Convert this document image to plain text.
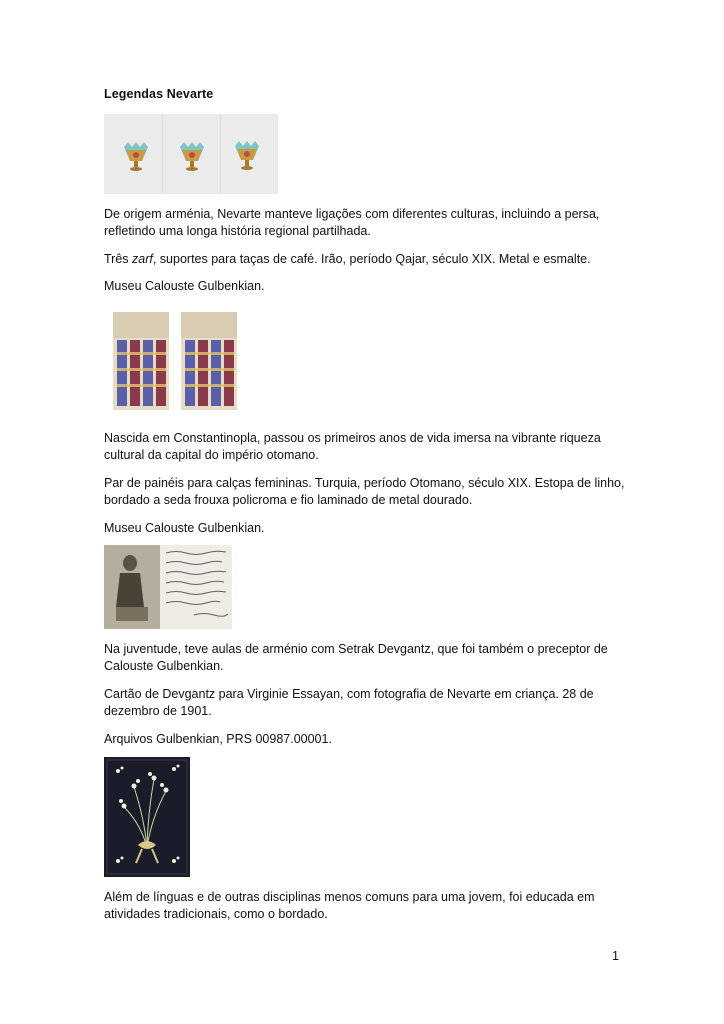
Legendas Nevarte

De origem arménia, Nevarte manteve ligações com diferentes culturas, incluindo a persa, refletindo uma longa história regional partilhada.

Três zarf, suportes para taças de café. Irão, período Qajar, século XIX. Metal e esmalte.

Museu Calouste Gulbenkian.

Nascida em Constantinopla, passou os primeiros anos de vida imersa na vibrante riqueza cultural da capital do império otomano.

Par de painéis para calças femininas. Turquia, período Otomano, século XIX. Estopa de linho, bordado a seda frouxa policroma e fio laminado de metal dourado.

Museu Calouste Gulbenkian.

Na juventude, teve aulas de arménio com Setrak Devgantz, que foi também o preceptor de Calouste Gulbenkian.

Cartão de Devgantz para Virginie Essayan, com fotografia de Nevarte em criança. 28 de dezembro de 1901.

Arquivos Gulbenkian, PRS 00987.00001.

Além de línguas e de outras disciplinas menos comuns para uma jovem, foi educada em atividades tradicionais, como o bordado.

1
